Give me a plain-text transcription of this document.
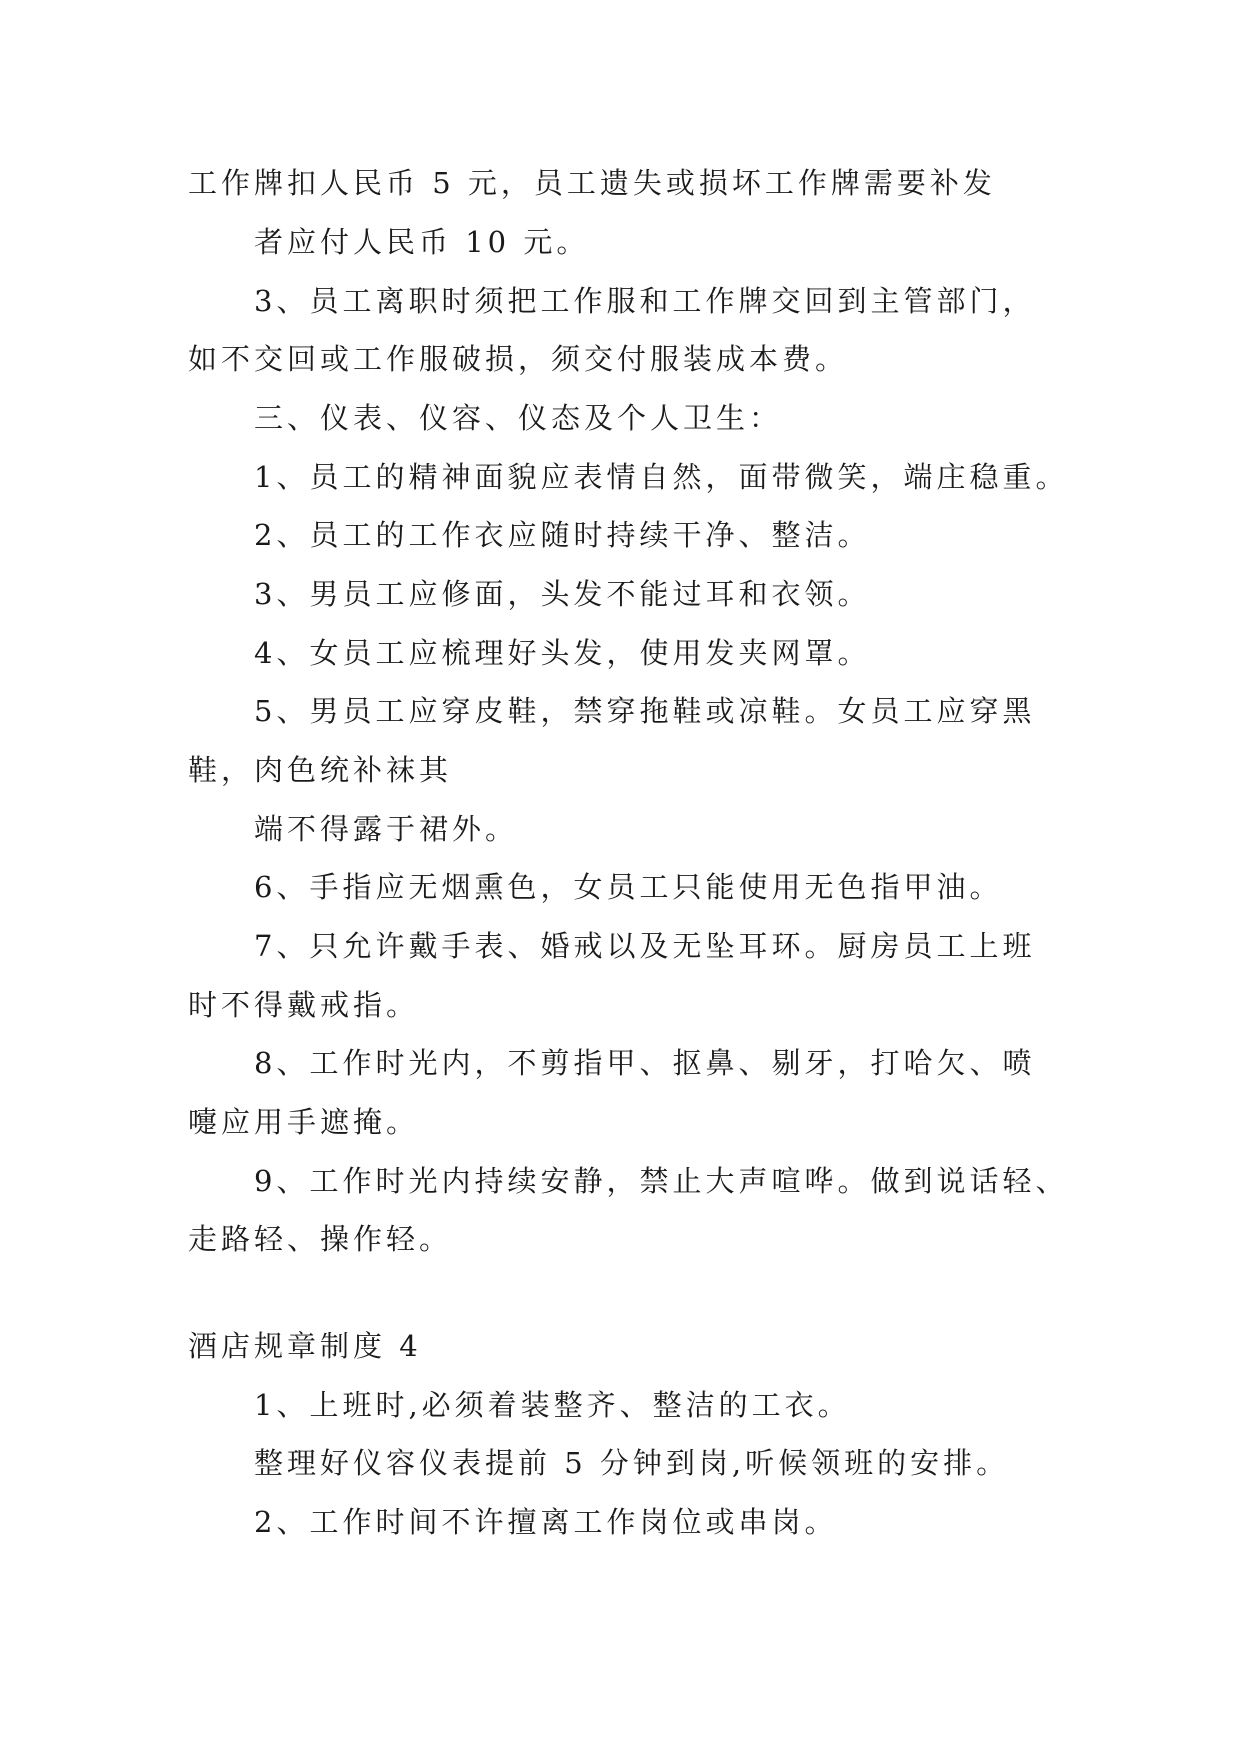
工作牌扣人民币 5 元，员工遗失或损坏工作牌需要补发
者应付人民币 10 元。
3、员工离职时须把工作服和工作牌交回到主管部门，
如不交回或工作服破损，须交付服装成本费。
三、仪表、仪容、仪态及个人卫生：
1、员工的精神面貌应表情自然，面带微笑，端庄稳重。
2、员工的工作衣应随时持续干净、整洁。
3、男员工应修面，头发不能过耳和衣领。
4、女员工应梳理好头发，使用发夹网罩。
5、男员工应穿皮鞋，禁穿拖鞋或凉鞋。女员工应穿黑
鞋，肉色统补袜其
端不得露于裙外。
6、手指应无烟熏色，女员工只能使用无色指甲油。
7、只允许戴手表、婚戒以及无坠耳环。厨房员工上班
时不得戴戒指。
8、工作时光内，不剪指甲、抠鼻、剔牙，打哈欠、喷
嚏应用手遮掩。
9、工作时光内持续安静，禁止大声喧哗。做到说话轻、
走路轻、操作轻。
酒店规章制度 4
1、上班时,必须着装整齐、整洁的工衣。
整理好仪容仪表提前 5 分钟到岗,听候领班的安排。
2、工作时间不许擅离工作岗位或串岗。
